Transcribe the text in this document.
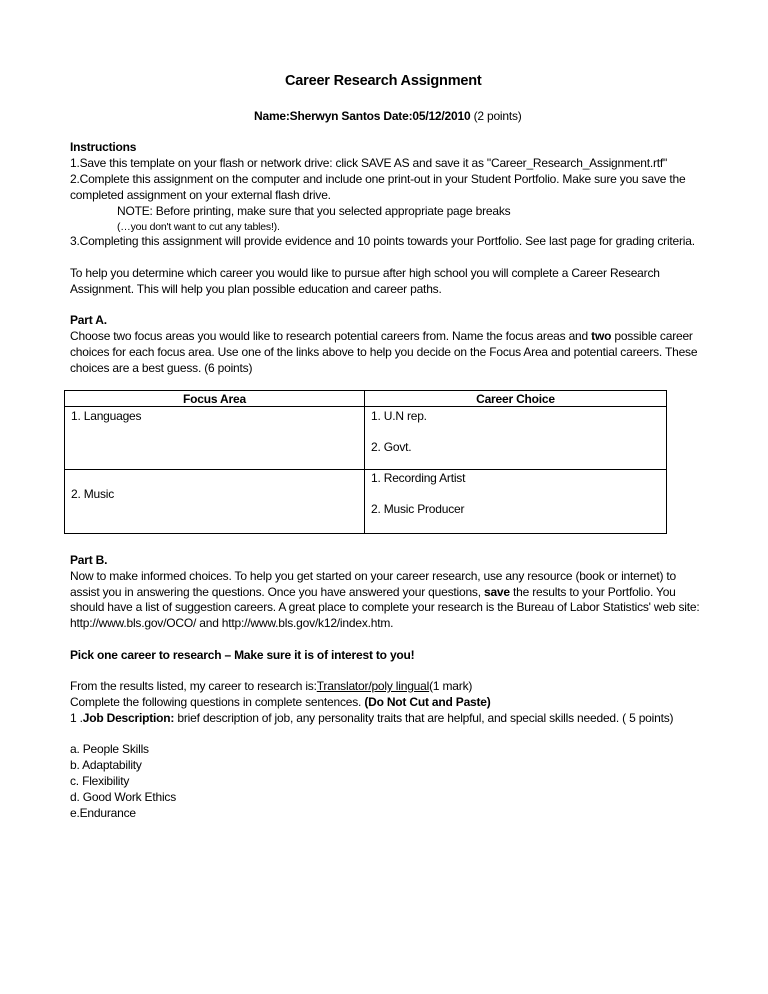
Career Research Assignment
Name:Sherwyn Santos Date:05/12/2010 (2 points)
Instructions
1.Save this template on your flash or network drive: click SAVE AS and save it as "Career_Research_Assignment.rtf"
2.Complete this assignment on the computer and include one print-out in your Student Portfolio. Make sure you save the
completed assignment on your external flash drive.
NOTE: Before printing, make sure that you selected appropriate page breaks
(…you don't want to cut any tables!).
3.Completing this assignment will provide evidence and 10 points towards your Portfolio. See last page for grading criteria.
To help you determine which career you would like to pursue after high school you will complete a Career Research
Assignment. This will help you plan possible education and career paths.
Part A.
Choose two focus areas you would like to research potential careers from. Name the focus areas and two possible career
choices for each focus area. Use one of the links above to help you decide on the Focus Area and potential careers. These
choices are a best guess. (6 points)
Focus Area	Career Choice

1. Languages	1. U.N rep.

2. Govt.

2. Music	1. Recording Artist

2. Music Producer

Part B.
Now to make informed choices. To help you get started on your career research, use any resource (book or internet) to
assist you in answering the questions. Once you have answered your questions, save the results to your Portfolio. You
should have a list of suggestion careers. A great place to complete your research is the Bureau of Labor Statistics' web site:
http://www.bls.gov/OCO/ and http://www.bls.gov/k12/index.htm.
Pick one career to research – Make sure it is of interest to you!
From the results listed, my career to research is:Translator/poly lingual(1 mark)
Complete the following questions in complete sentences. (Do Not Cut and Paste)
1 .Job Description: brief description of job, any personality traits that are helpful, and special skills needed. ( 5 points)
a. People Skills
b. Adaptability
c. Flexibility
d. Good Work Ethics
e.Endurance
